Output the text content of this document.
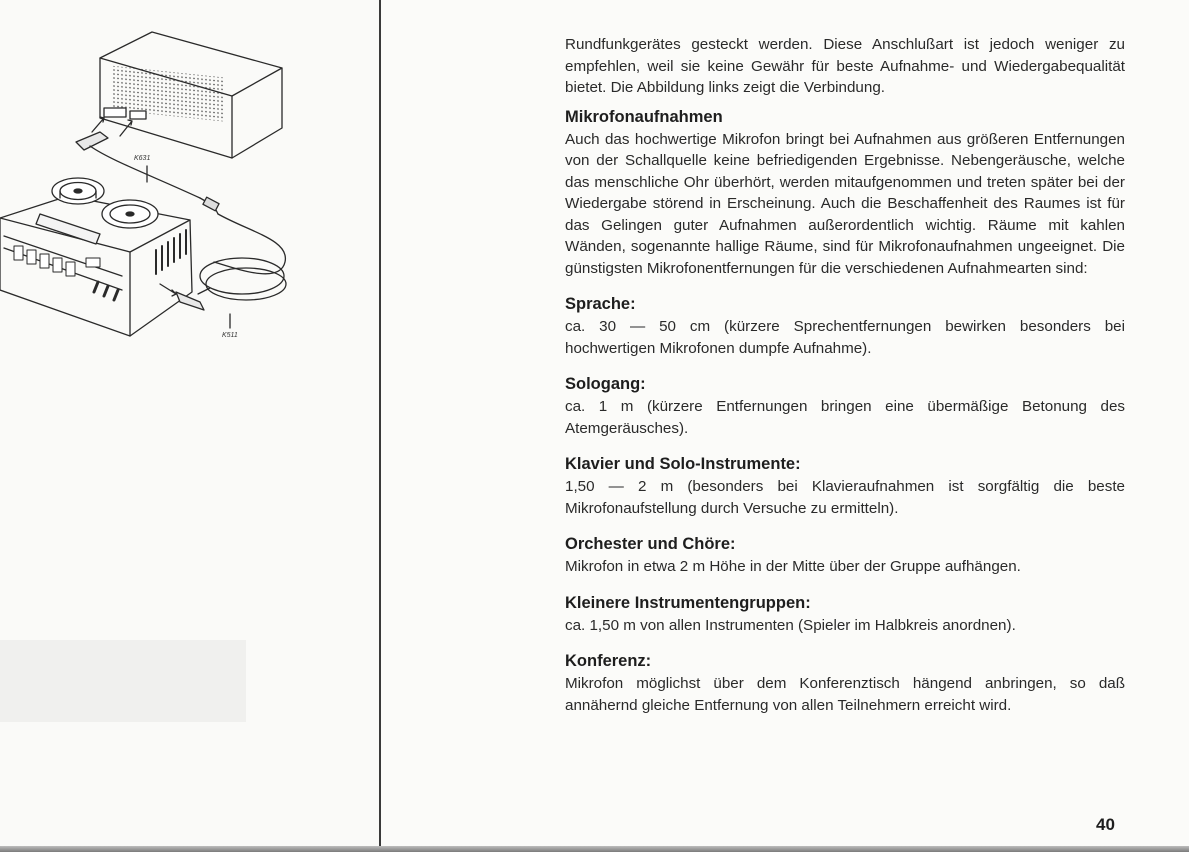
K631
K511

Rundfunkgerätes gesteckt werden. Diese Anschlußart ist jedoch weniger zu empfehlen, weil sie keine Gewähr für beste Aufnahme- und Wiedergabequalität bietet. Die Abbildung links zeigt die Verbindung.

Mikrofonaufnahmen

Auch das hochwertige Mikrofon bringt bei Aufnahmen aus größeren Entfernungen von der Schallquelle keine befriedigenden Ergebnisse. Nebengeräusche, welche das menschliche Ohr überhört, werden mitaufgenommen und treten später bei der Wiedergabe störend in Erscheinung. Auch die Beschaffenheit des Raumes ist für das Gelingen guter Aufnahmen außerordentlich wichtig. Räume mit kahlen Wänden, sogenannte hallige Räume, sind für Mikrofonaufnahmen ungeeignet. Die günstigsten Mikrofonentfernungen für die verschiedenen Aufnahmearten sind:

Sprache:

ca. 30 — 50 cm (kürzere Sprechentfernungen bewirken besonders bei hochwertigen Mikrofonen dumpfe Aufnahme).

Sologang:

ca. 1 m (kürzere Entfernungen bringen eine übermäßige Betonung des Atemgeräusches).

Klavier und Solo-Instrumente:

1,50 — 2 m (besonders bei Klavieraufnahmen ist sorgfältig die beste Mikrofonaufstellung durch Versuche zu ermitteln).

Orchester und Chöre:

Mikrofon in etwa 2 m Höhe in der Mitte über der Gruppe aufhängen.

Kleinere Instrumentengruppen:

ca. 1,50 m von allen Instrumenten (Spieler im Halbkreis anordnen).

Konferenz:

Mikrofon möglichst über dem Konferenztisch hängend anbringen, so daß annähernd gleiche Entfernung von allen Teilnehmern erreicht wird.

40
